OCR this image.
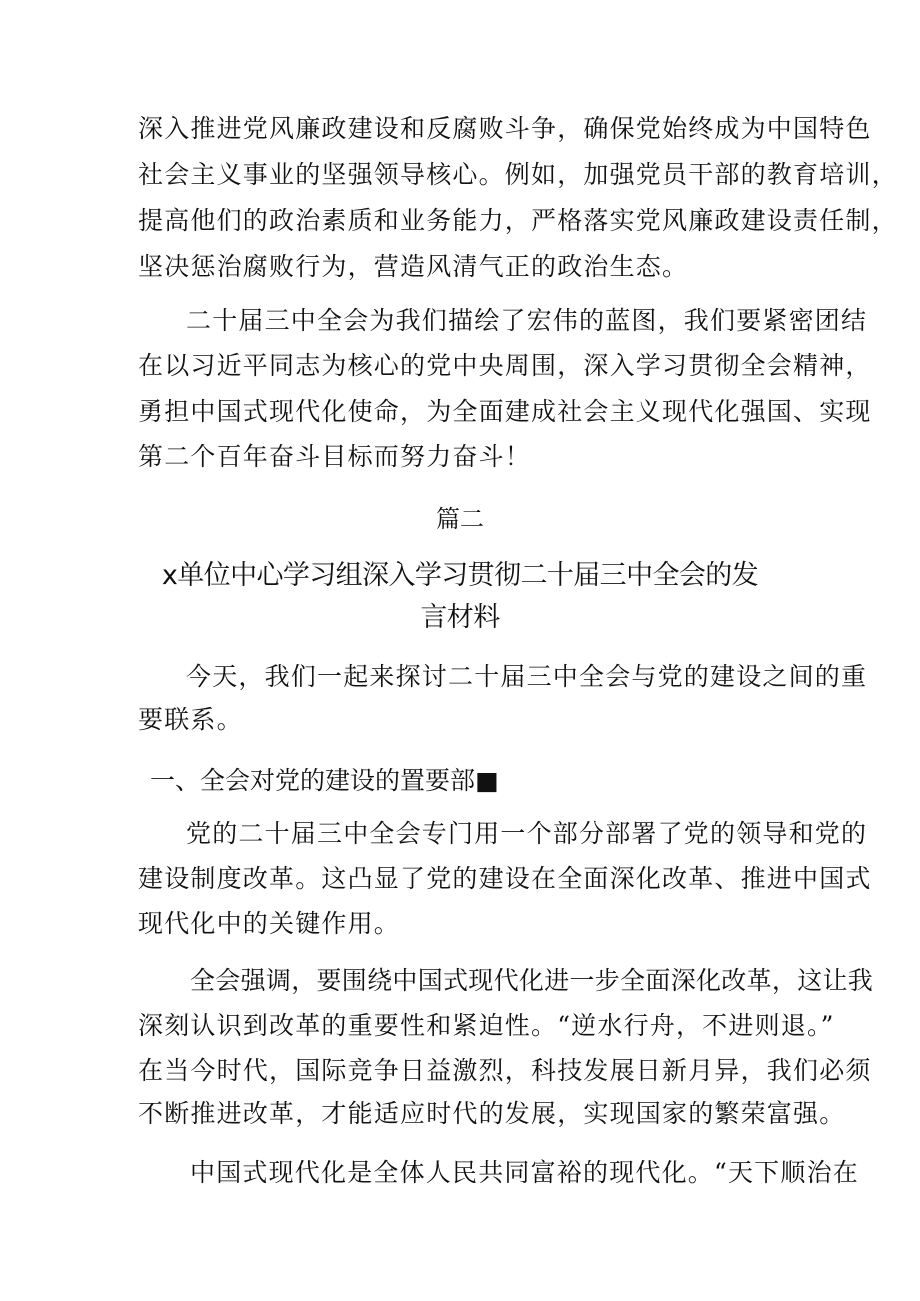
深入推进党风廉政建设和反腐败斗争，确保党始终成为中国特色
社会主义事业的坚强领导核心。例如，加强党员干部的教育培训，
提高他们的政治素质和业务能力，严格落实党风廉政建设责任制，
坚决惩治腐败行为，营造风清气正的政治生态。
二十届三中全会为我们描绘了宏伟的蓝图，我们要紧密团结
在以习近平同志为核心的党中央周围，深入学习贯彻全会精神，
勇担中国式现代化使命，为全面建成社会主义现代化强国、实现
第二个百年奋斗目标而努力奋斗！
篇二
x单位中心学习组深入学习贯彻二十届三中全会的发
言材料
今天，我们一起来探讨二十届三中全会与党的建设之间的重
要联系。
一、全会对党的建设的置要部■
党的二十届三中全会专门用一个部分部署了党的领导和党的
建设制度改革。这凸显了党的建设在全面深化改革、推进中国式
现代化中的关键作用。
全会强调，要围绕中国式现代化进一步全面深化改革，这让我
深刻认识到改革的重要性和紧迫性。“逆水行舟，不进则退。”
在当今时代，国际竞争日益激烈，科技发展日新月异，我们必须
不断推进改革，才能适应时代的发展，实现国家的繁荣富强。
中国式现代化是全体人民共同富裕的现代化。“天下顺治在
